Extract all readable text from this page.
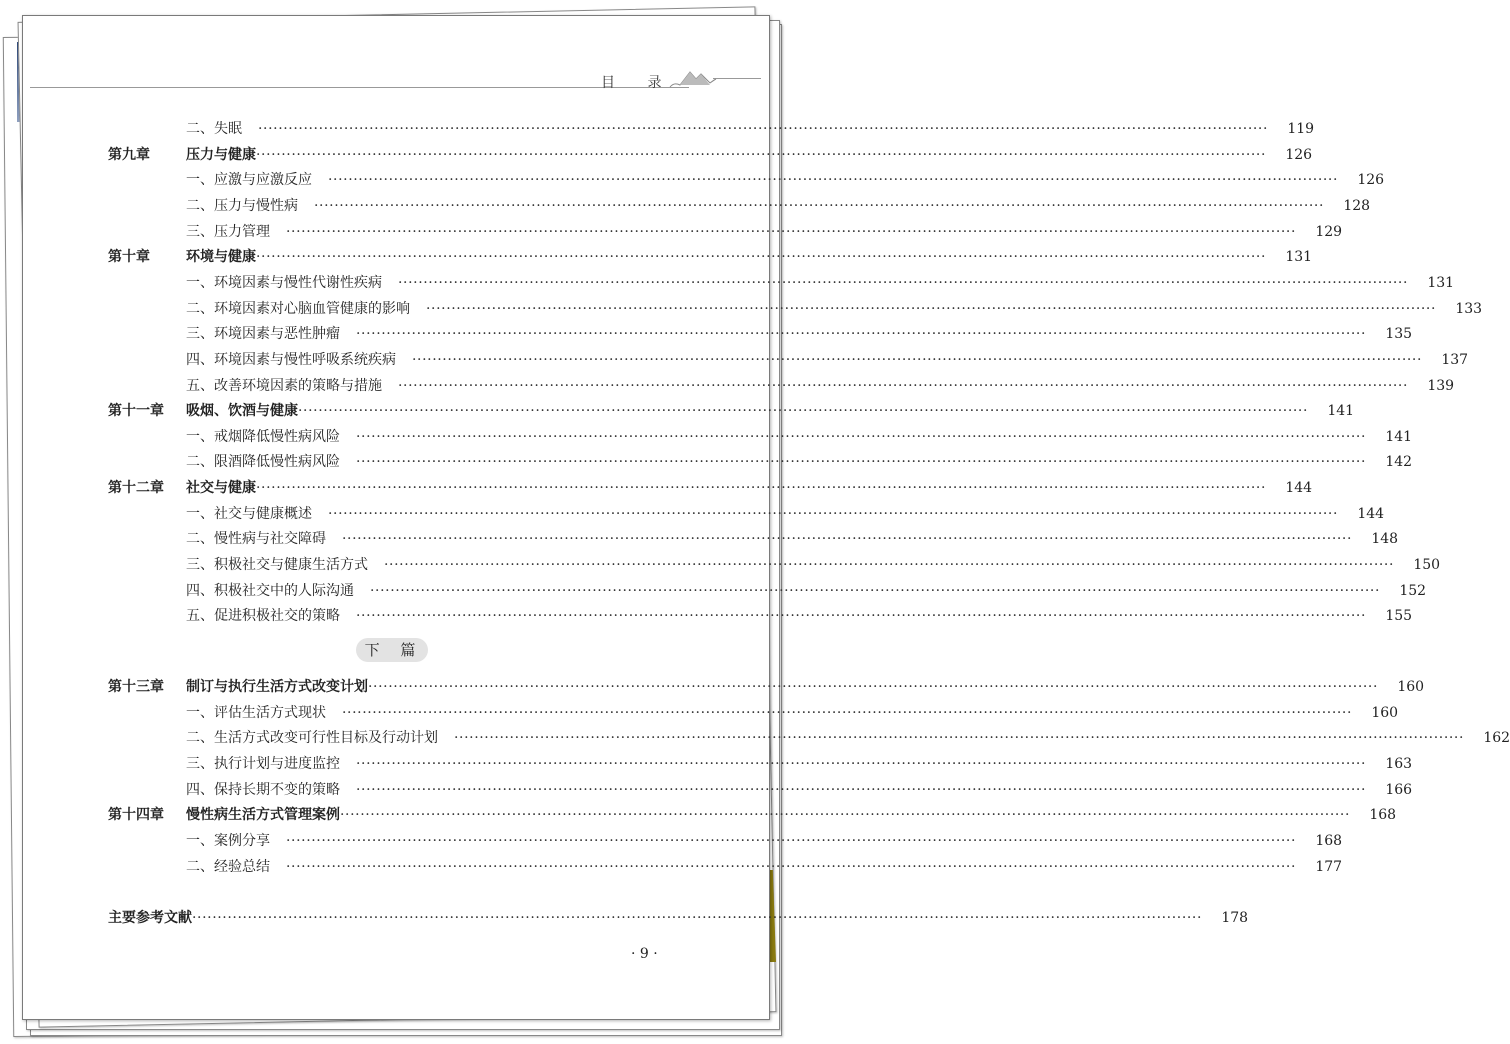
目 录
二、失眠 ········································································································································································································	119
第九章	压力与健康 ········································································································································································································	126
一、应激与应激反应 ········································································································································································································	126
二、压力与慢性病 ········································································································································································································	128
三、压力管理 ········································································································································································································	129
第十章	环境与健康 ········································································································································································································	131
一、环境因素与慢性代谢性疾病 ········································································································································································································	131
二、环境因素对心脑血管健康的影响 ········································································································································································································	133
三、环境因素与恶性肿瘤 ········································································································································································································	135
四、环境因素与慢性呼吸系统疾病 ········································································································································································································	137
五、改善环境因素的策略与措施 ········································································································································································································	139
第十一章	吸烟、饮酒与健康 ········································································································································································································	141
一、戒烟降低慢性病风险 ········································································································································································································	141
二、限酒降低慢性病风险 ········································································································································································································	142
第十二章	社交与健康 ········································································································································································································	144
一、社交与健康概述 ········································································································································································································	144
二、慢性病与社交障碍 ········································································································································································································	148
三、积极社交与健康生活方式 ········································································································································································································	150
四、积极社交中的人际沟通 ········································································································································································································	152
五、促进积极社交的策略 ········································································································································································································	155
第十三章	制订与执行生活方式改变计划 ········································································································································································································	160
一、评估生活方式现状 ········································································································································································································	160
二、生活方式改变可行性目标及行动计划 ········································································································································································································	162
三、执行计划与进度监控 ········································································································································································································	163
四、保持长期不变的策略 ········································································································································································································	166
第十四章	慢性病生活方式管理案例 ········································································································································································································	168
一、案例分享 ········································································································································································································	168
二、经验总结 ········································································································································································································	177
下 篇
主要参考文献 ········································································································································································································	178
· 9 ·
